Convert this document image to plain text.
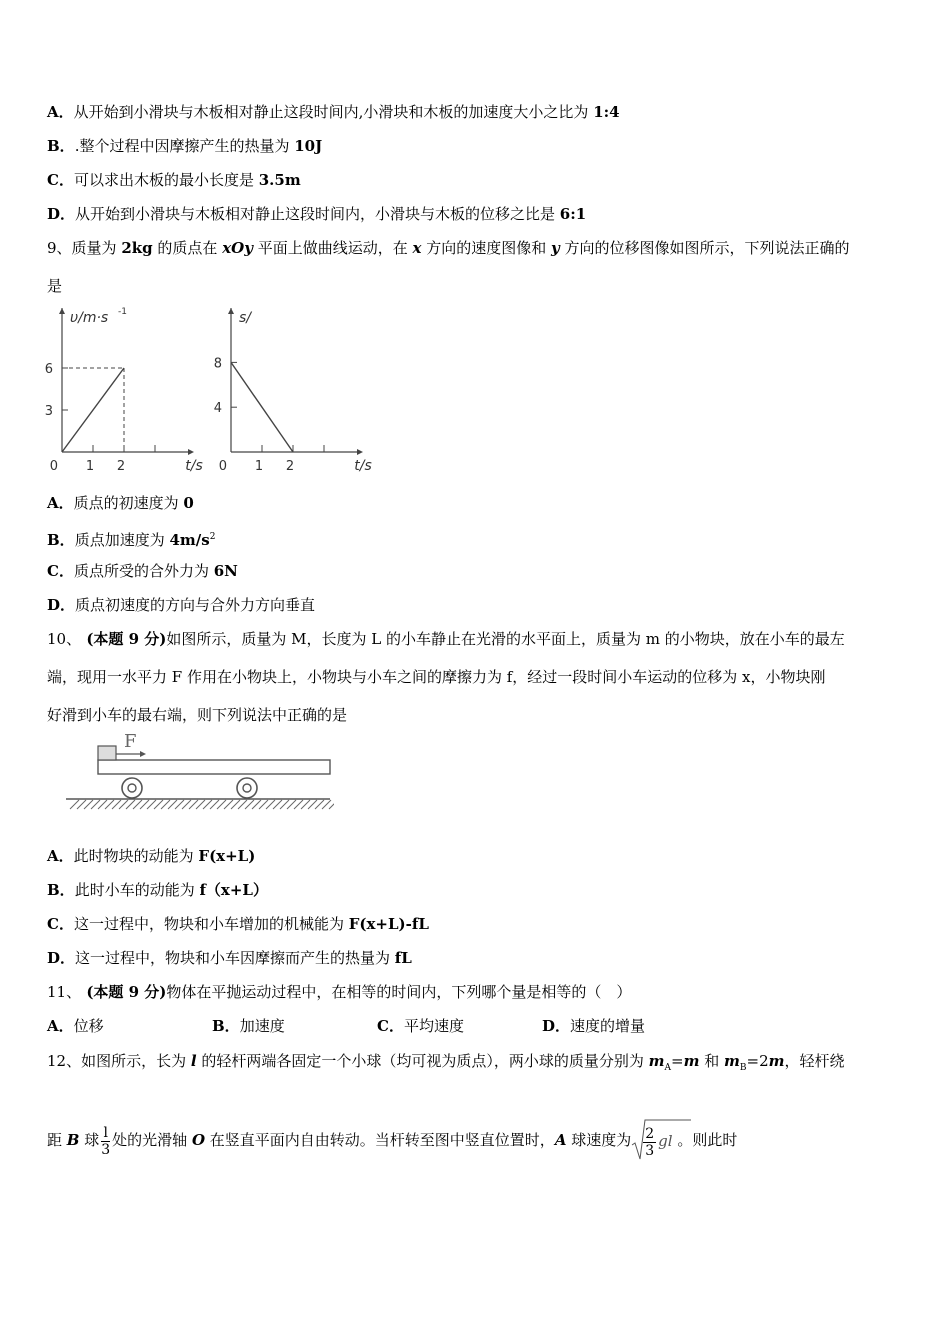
A．从开始到小滑块与木板相对静止这段时间内,小滑块和木板的加速度大小之比为 1:4
B．.整个过程中因摩擦产生的热量为 10J
C．可以求出木板的最小长度是 3.5m
D．从开始到小滑块与木板相对静止这段时间内，小滑块与木板的位移之比是 6:1
9、质量为 2kg 的质点在 xOy 平面上做曲线运动，在 x 方向的速度图像和 y 方向的位移图像如图所示，下列说法正确的
是
0 1 2
3
6
t/s
υ/m·s -1
0 1 2
4
8
t/s
s/
A．质点的初速度为 0
B．质点加速度为 $4m/s^2$
C．质点所受的合外力为 6N
D．质点初速度的方向与合外力方向垂直
10、 (本题 9 分)如图所示，质量为 M，长度为 L 的小车静止在光滑的水平面上，质量为 m 的小物块，放在小车的最左
端，现用一水平力 F 作用在小物块上，小物块与小车之间的摩擦力为 f，经过一段时间小车运动的位移为 x，小物块刚
好滑到小车的最右端，则下列说法中正确的是
F
A．此时物块的动能为 F(x+L)
B．此时小车的动能为 f（x+L）
C．这一过程中，物块和小车增加的机械能为 F(x+L)-fL
D．这一过程中，物块和小车因摩擦而产生的热量为 fL
11、 (本题 9 分)物体在平抛运动过程中，在相等的时间内，下列哪个量是相等的（　）
A．位移	B．加速度	C．平均速度	D．速度的增量
12、如图所示，长为 l 的轻杆两端各固定一个小球（均可视为质点），两小球的质量分别为 $m_A=m$ 和 $m_B=2m$，轻杆绕
距 B 球 $\frac{l}{3}$ 处的光滑轴 O 在竖直平面内自由转动。当杆转至图中竖直位置时，A 球速度为 $\frac{2}{3}$ gl 。则此时
